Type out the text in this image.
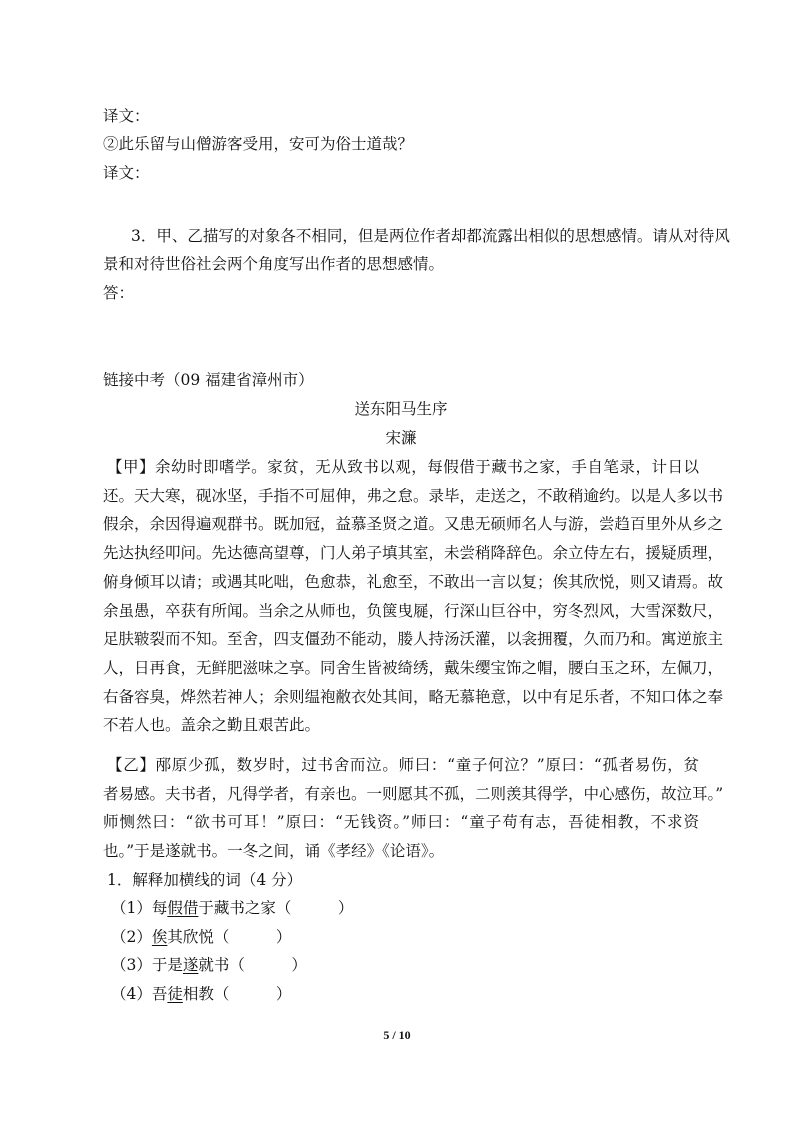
译文：
②此乐留与山僧游客受用，安可为俗士道哉？
译文：
3．甲、乙描写的对象各不相同，但是两位作者却都流露出相似的思想感情。请从对待风
景和对待世俗社会两个角度写出作者的思想感情。
答：
链接中考（09 福建省漳州市）
送东阳马生序
宋濂
【甲】余幼时即嗜学。家贫，无从致书以观，每假借于藏书之家，手自笔录，计日以
还。天大寒，砚冰坚，手指不可屈伸，弗之怠。录毕，走送之，不敢稍逾约。以是人多以书
假余，余因得遍观群书。既加冠，益慕圣贤之道。又患无硕师名人与游，尝趋百里外从乡之
先达执经叩问。先达德高望尊，门人弟子填其室，未尝稍降辞色。余立侍左右，援疑质理，
俯身倾耳以请；或遇其叱咄，色愈恭，礼愈至，不敢出一言以复；俟其欣悦，则又请焉。故
余虽愚，卒获有所闻。当余之从师也，负箧曳屣，行深山巨谷中，穷冬烈风，大雪深数尺，
足肤皲裂而不知。至舍，四支僵劲不能动，媵人持汤沃灌，以衾拥覆，久而乃和。寓逆旅主
人，日再食，无鲜肥滋味之享。同舍生皆被绮绣，戴朱缨宝饰之帽，腰白玉之环，左佩刀，
右备容臭，烨然若神人；余则缊袍敝衣处其间，略无慕艳意，以中有足乐者，不知口体之奉
不若人也。盖余之勤且艰苦此。
【乙】邴原少孤，数岁时，过书舍而泣。师曰：“童子何泣？”原曰：“孤者易伤，贫
者易感。夫书者，凡得学者，有亲也。一则愿其不孤，二则羡其得学，中心感伤，故泣耳。”
师恻然曰：“欲书可耳！”原曰：“无钱资。”师曰：“童子苟有志，吾徒相教，不求资
也。”于是遂就书。一冬之间，诵《孝经》《论语》。
1．解释加横线的词（4 分）
（1）每假借于藏书之家（　　　）
（2）俟其欣悦（　　　）
（3）于是遂就书（　　　）
（4）吾徒相教（　　　）
5 / 10
